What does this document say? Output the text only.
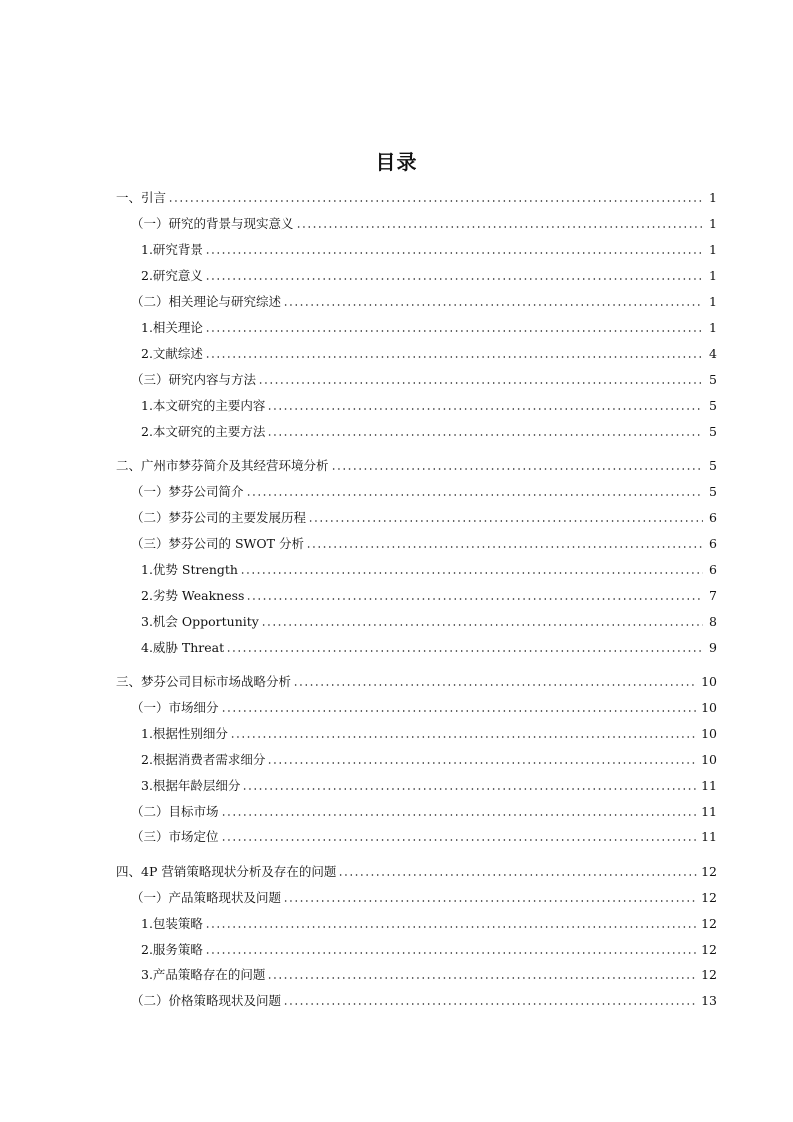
目录
一、引言	1
（一）研究的背景与现实意义	1
1.研究背景	1
2.研究意义	1
（二）相关理论与研究综述	1
1.相关理论	1
2.文献综述	4
（三）研究内容与方法	5
1.本文研究的主要内容	5
2.本文研究的主要方法	5
二、广州市梦芬简介及其经营环境分析	5
（一）梦芬公司简介	5
（二）梦芬公司的主要发展历程	6
（三）梦芬公司的 SWOT 分析	6
1.优势 Strength	6
2.劣势 Weakness	7
3.机会 Opportunity	8
4.威胁 Threat	9
三、梦芬公司目标市场战略分析	10
（一）市场细分	10
1.根据性别细分	10
2.根据消费者需求细分	10
3.根据年龄层细分	11
（二）目标市场	11
（三）市场定位	11
四、4P 营销策略现状分析及存在的问题	12
（一）产品策略现状及问题	12
1.包装策略	12
2.服务策略	12
3.产品策略存在的问题	12
（二）价格策略现状及问题	13
